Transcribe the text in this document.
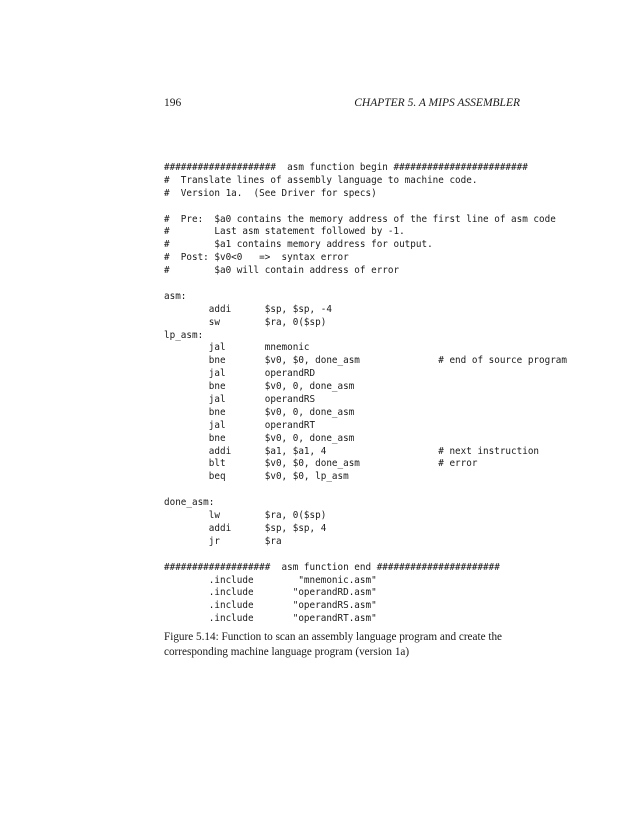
196	CHAPTER 5. A MIPS ASSEMBLER
####################  asm function begin ########################
#  Translate lines of assembly language to machine code.
#  Version 1a.  (See Driver for specs)
#  Pre:  $a0 contains the memory address of the first line of asm code
#        Last asm statement followed by -1.
#        $a1 contains memory address for output.
#  Post: $v0<0   =>  syntax error
#        $a0 will contain address of error
asm:
addi      $sp, $sp, -4
sw        $ra, 0($sp)
lp_asm:
jal       mnemonic
bne       $v0, $0, done_asm              # end of source program
jal       operandRD
bne       $v0, 0, done_asm
jal       operandRS
bne       $v0, 0, done_asm
jal       operandRT
bne       $v0, 0, done_asm
addi      $a1, $a1, 4                    # next instruction
blt       $v0, $0, done_asm              # error
beq       $v0, $0, lp_asm
done_asm:
lw        $ra, 0($sp)
addi      $sp, $sp, 4
jr        $ra
###################  asm function end ######################
.include        "mnemonic.asm"
.include       "operandRD.asm"
.include       "operandRS.asm"
.include       "operandRT.asm"
Figure 5.14: Function to scan an assembly language program and create the
corresponding machine language program (version 1a)
